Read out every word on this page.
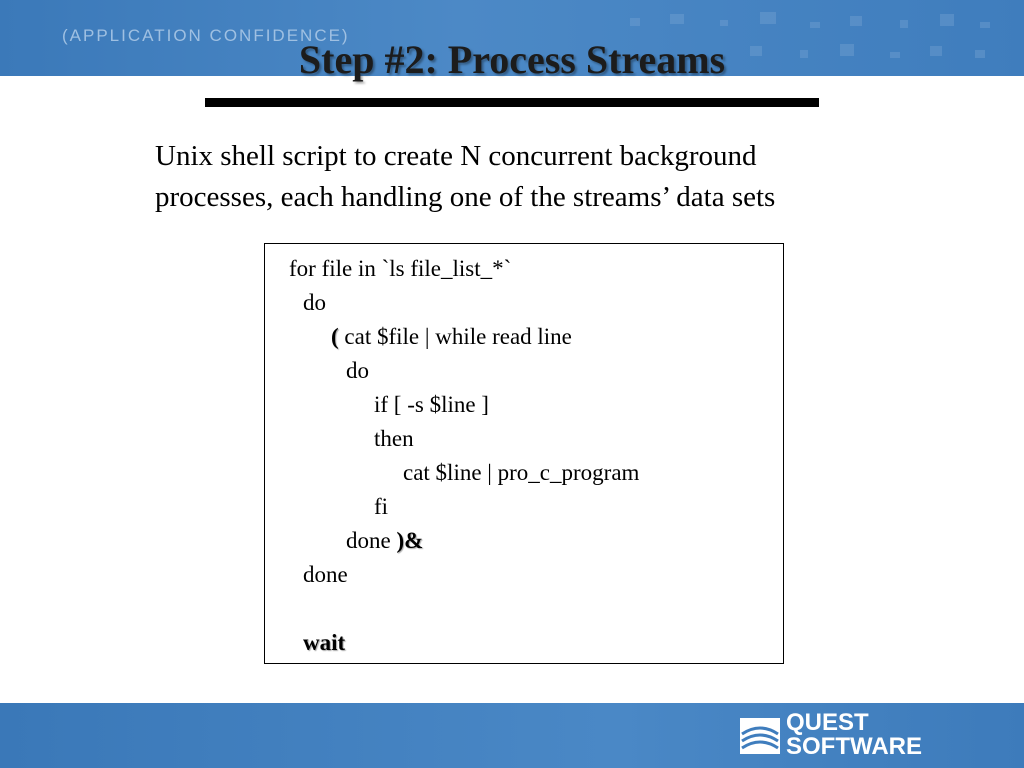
(APPLICATION CONFIDENCE)
Step #2: Process Streams
Unix shell script to create N concurrent background
processes, each handling one of the streams’ data sets
for file in `ls file_list_*`
do
( cat $file | while read line
do
if [ -s $line ]
then
cat $line | pro_c_program
fi
done )&
done
wait
QUEST
SOFTWARE
